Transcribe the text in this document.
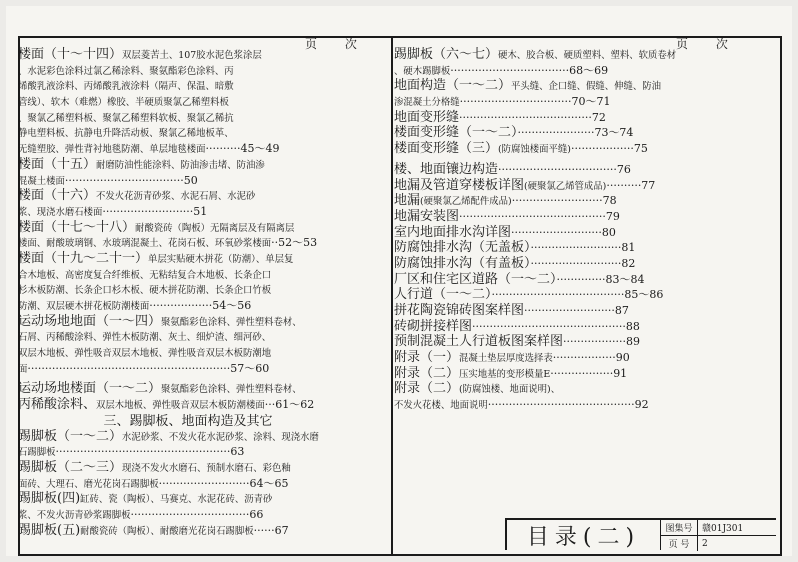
页 次	页 次
楼面（十～十四）双层菱苦土、107胶水泥色浆涂层
、水泥彩色涂料过氯乙稀涂料、聚氨酯彩色涂料、丙
烯酸乳液涂料、丙烯酸乳液涂料（隔声、保温、暗敷
管线）、软木（难燃）橡胶、半硬质聚氯乙稀塑料板
、聚氯乙稀塑料板、聚氯乙稀塑料软板、聚氯乙稀抗
静电塑料板、抗静电升降活动板、聚氯乙稀地板革、
无缝塑胶、弹性背衬地毯防潮、单层地毯楼面··········45～49
楼面（十五）耐磨防油性能涂料、防油渗击堵、防油渗
混凝土楼面··································50
楼面（十六）不发火花沥青砂浆、水泥石屑、水泥砂
浆、现浇水磨石楼面··························51
楼面（十七～十八）耐酸瓷砖（陶板）无隔离层及有隔离层
楼面、耐酸玻璃钢、水玻璃混凝土、花岗石板、环氧砂浆楼面··52～53
楼面（十九～二十一）单层实贴硬木拼花（防潮）、单层复
合木地板、高密度复合纤维板、无粘结复合木地板、长条企口
杉木板防潮、长条企口杉木板、硬木拼花防潮、长条企口竹板
防潮、双层硬木拼花板防潮楼面··················54～56
运动场地地面（一～四）聚氨酯彩色涂料、弹性塑料卷材、
石屑、丙稀酸涂料、弹性木板防潮、灰土、细炉渣、细河砂、
双层木地板、弹性吸音双层木地板、弹性吸音双层木板防潮地
面··························································57～60
运动场地楼面（一～二）聚氨酯彩色涂料、弹性塑料卷材、
丙稀酸涂料、双层木地板、弹性吸音双层木板防潮楼面···61～62
三、踢脚板、地面构造及其它
踢脚板（一～二）水泥砂浆、不发火花水泥砂浆、涂料、现浇水磨
石踢脚板··················································63
踢脚板（二～三）现浇不发火水磨石、预制水磨石、彩色釉
面砖、大理石、磨光花岗石踢脚板··························64～65
踢脚板(四)缸砖、瓷（陶板）、马赛克、水泥花砖、沥青砂
浆、不发火沥青砂浆踢脚板··································66
踢脚板(五)耐酸瓷砖（陶板）、耐酸磨光花岗石踢脚板······67
踢脚板（六～七）硬木、胶合板、硬质塑料、塑料、软质卷材
、硬木踢脚板··································68～69
地面构造（一～二）平头缝、企口缝、假缝、伸缝、防油
渗混凝土分格缝································70～71
地面变形缝······································72
楼面变形缝（一～二）······················73～74
楼面变形缝（三）(防腐蚀楼面平缝)··················75
楼、地面镶边构造··································76
地漏及管道穿楼板详图(硬聚氯乙烯管成品)··········77
地漏(硬聚氯乙烯配件成品)··························78
地漏安装图··········································79
室内地面排水沟详图··························80
防腐蚀排水沟（无盖板）··························81
防腐蚀排水沟（有盖板）··························82
厂区和住宅区道路（一～二）··············83～84
人行道（一～二）······································85～86
拼花陶瓷锦砖图案样图··························87
砖砌拼接样图············································88
预制混凝土人行道板图案样图··················89
附录（一）混凝土垫层厚度选择表··················90
附录（二）压实地基的变形模量E··················91
附录（二）(防腐蚀楼、地面说明)、
不发火花楼、地面说明··········································92
目录(二)	图集号	赣01J301
页 号	2
